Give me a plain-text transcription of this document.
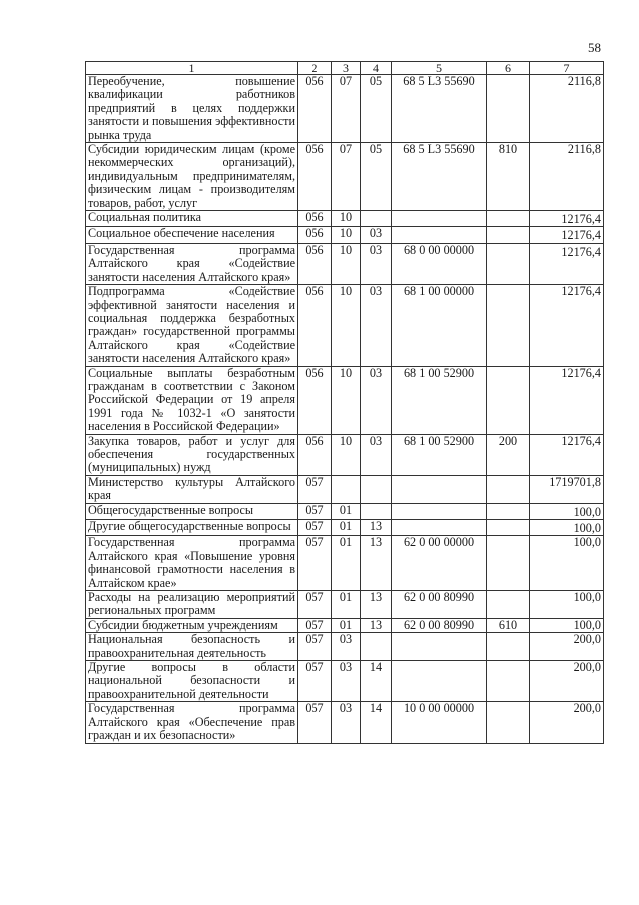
58
1	2	3	4	5	6	7
Переобучение, повышение квалификации работников предприятий в целях поддержки занятости и повышения эффективности рынка труда	056	07	05	68 5 L3 55690		2116,8
Субсидии юридическим лицам (кроме некоммерческих организаций), индивидуальным предпринимателям, физическим лицам - производителям товаров, работ, услуг	056	07	05	68 5 L3 55690	810	2116,8
Социальная политика	056	10				12176,4
Социальное обеспечение населения	056	10	03			12176,4
Государственная программа Алтайского края «Содействие занятости населения Алтайского края»	056	10	03	68 0 00 00000		12176,4
Подпрограмма «Содействие эффективной занятости населения и социальная поддержка безработных граждан» государственной программы Алтайского края «Содействие занятости населения Алтайского края»	056	10	03	68 1 00 00000		12176,4
Социальные выплаты безработным гражданам в соответствии с Законом Российской Федерации от 19 апреля 1991 года № 1032-1 «О занятости населения в Российской Федерации»	056	10	03	68 1 00 52900		12176,4
Закупка товаров, работ и услуг для обеспечения государственных (муниципальных) нужд	056	10	03	68 1 00 52900	200	12176,4
Министерство культуры Алтайского края	057					1719701,8
Общегосударственные вопросы	057	01				100,0
Другие общегосударственные вопросы	057	01	13			100,0
Государственная программа Алтайского края «Повышение уровня финансовой грамотности населения в Алтайском крае»	057	01	13	62 0 00 00000		100,0
Расходы на реализацию мероприятий региональных программ	057	01	13	62 0 00 80990		100,0
Субсидии бюджетным учреждениям	057	01	13	62 0 00 80990	610	100,0
Национальная безопасность и правоохранительная деятельность	057	03				200,0
Другие вопросы в области национальной безопасности и правоохранительной деятельности	057	03	14			200,0
Государственная программа Алтайского края «Обеспечение прав граждан и их безопасности»	057	03	14	10 0 00 00000		200,0
